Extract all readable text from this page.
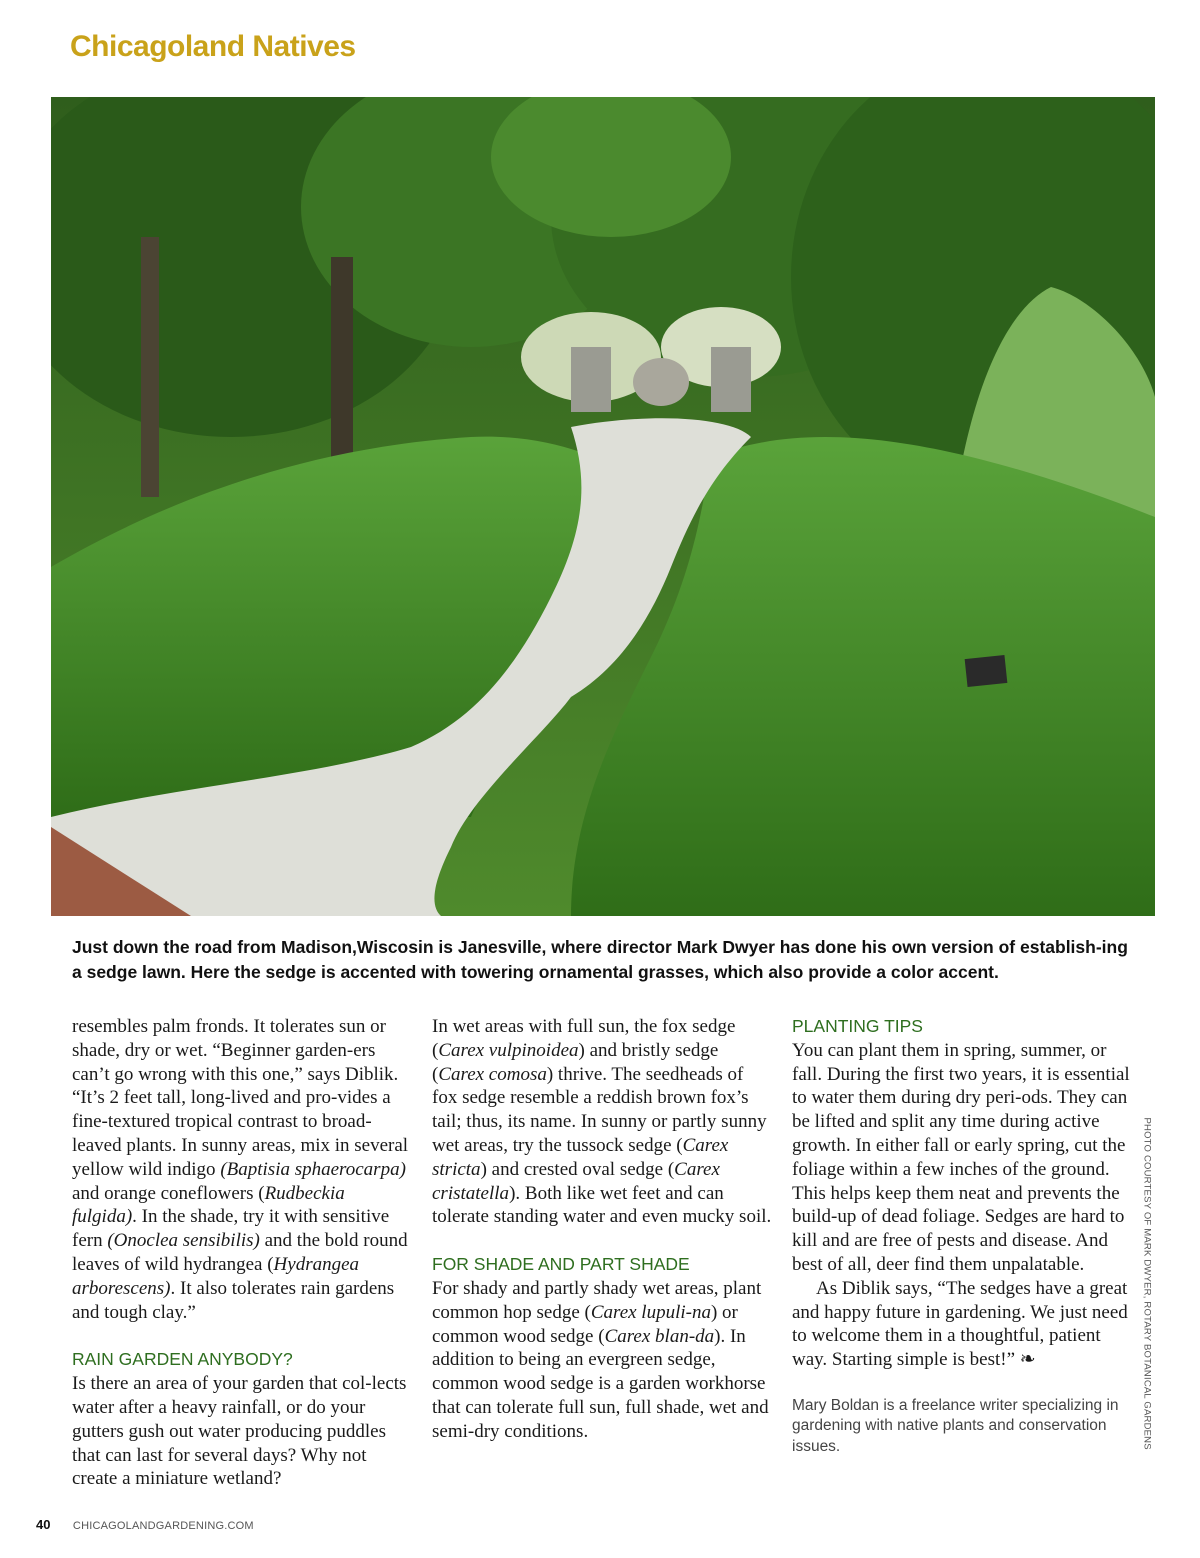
Chicagoland Natives
Just down the road from Madison,Wiscosin is Janesville, where director Mark Dwyer has done his own version of establish-ing a sedge lawn. Here the sedge is accented with towering ornamental grasses, which also provide a color accent.

resembles palm fronds. It tolerates sun or shade, dry or wet. “Beginner garden-ers can’t go wrong with this one,” says Diblik. “It’s 2 feet tall, long-lived and pro-vides a fine-textured tropical contrast to broad-leaved plants. In sunny areas, mix in several yellow wild indigo (Baptisia sphaerocarpa) and orange coneflowers (Rudbeckia fulgida). In the shade, try it with sensitive fern (Onoclea sensibilis) and the bold round leaves of wild hydrangea (Hydrangea arborescens). It also tolerates rain gardens and tough clay.”

RAIN GARDEN ANYBODY?

Is there an area of your garden that col-lects water after a heavy rainfall, or do your gutters gush out water producing puddles that can last for several days? Why not create a miniature wetland?

In wet areas with full sun, the fox sedge (Carex vulpinoidea) and bristly sedge (Carex comosa) thrive. The seedheads of fox sedge resemble a reddish brown fox’s tail; thus, its name. In sunny or partly sunny wet areas, try the tussock sedge (Carex stricta) and crested oval sedge (Carex cristatella). Both like wet feet and can tolerate standing water and even mucky soil.

FOR SHADE AND PART SHADE

For shady and partly shady wet areas, plant common hop sedge (Carex lupuli-na) or common wood sedge (Carex blan-da). In addition to being an evergreen sedge, common wood sedge is a garden workhorse that can tolerate full sun, full shade, wet and semi-dry conditions.

PLANTING TIPS

You can plant them in spring, summer, or fall. During the first two years, it is essential to water them during dry peri-ods. They can be lifted and split any time during active growth. In either fall or early spring, cut the foliage within a few inches of the ground. This helps keep them neat and prevents the build-up of dead foliage. Sedges are hard to kill and are free of pests and disease. And best of all, deer find them unpalatable.

As Diblik says, “The sedges have a great and happy future in gardening. We just need to welcome them in a thoughtful, patient way. Starting simple is best!” ❧

Mary Boldan is a freelance writer specializing in gardening with native plants and conservation issues.	PHOTO COURTESY OF MARK DWYER, ROTARY BOTANICAL GARDENS
40 CHICAGOLANDGARDENING.COM
